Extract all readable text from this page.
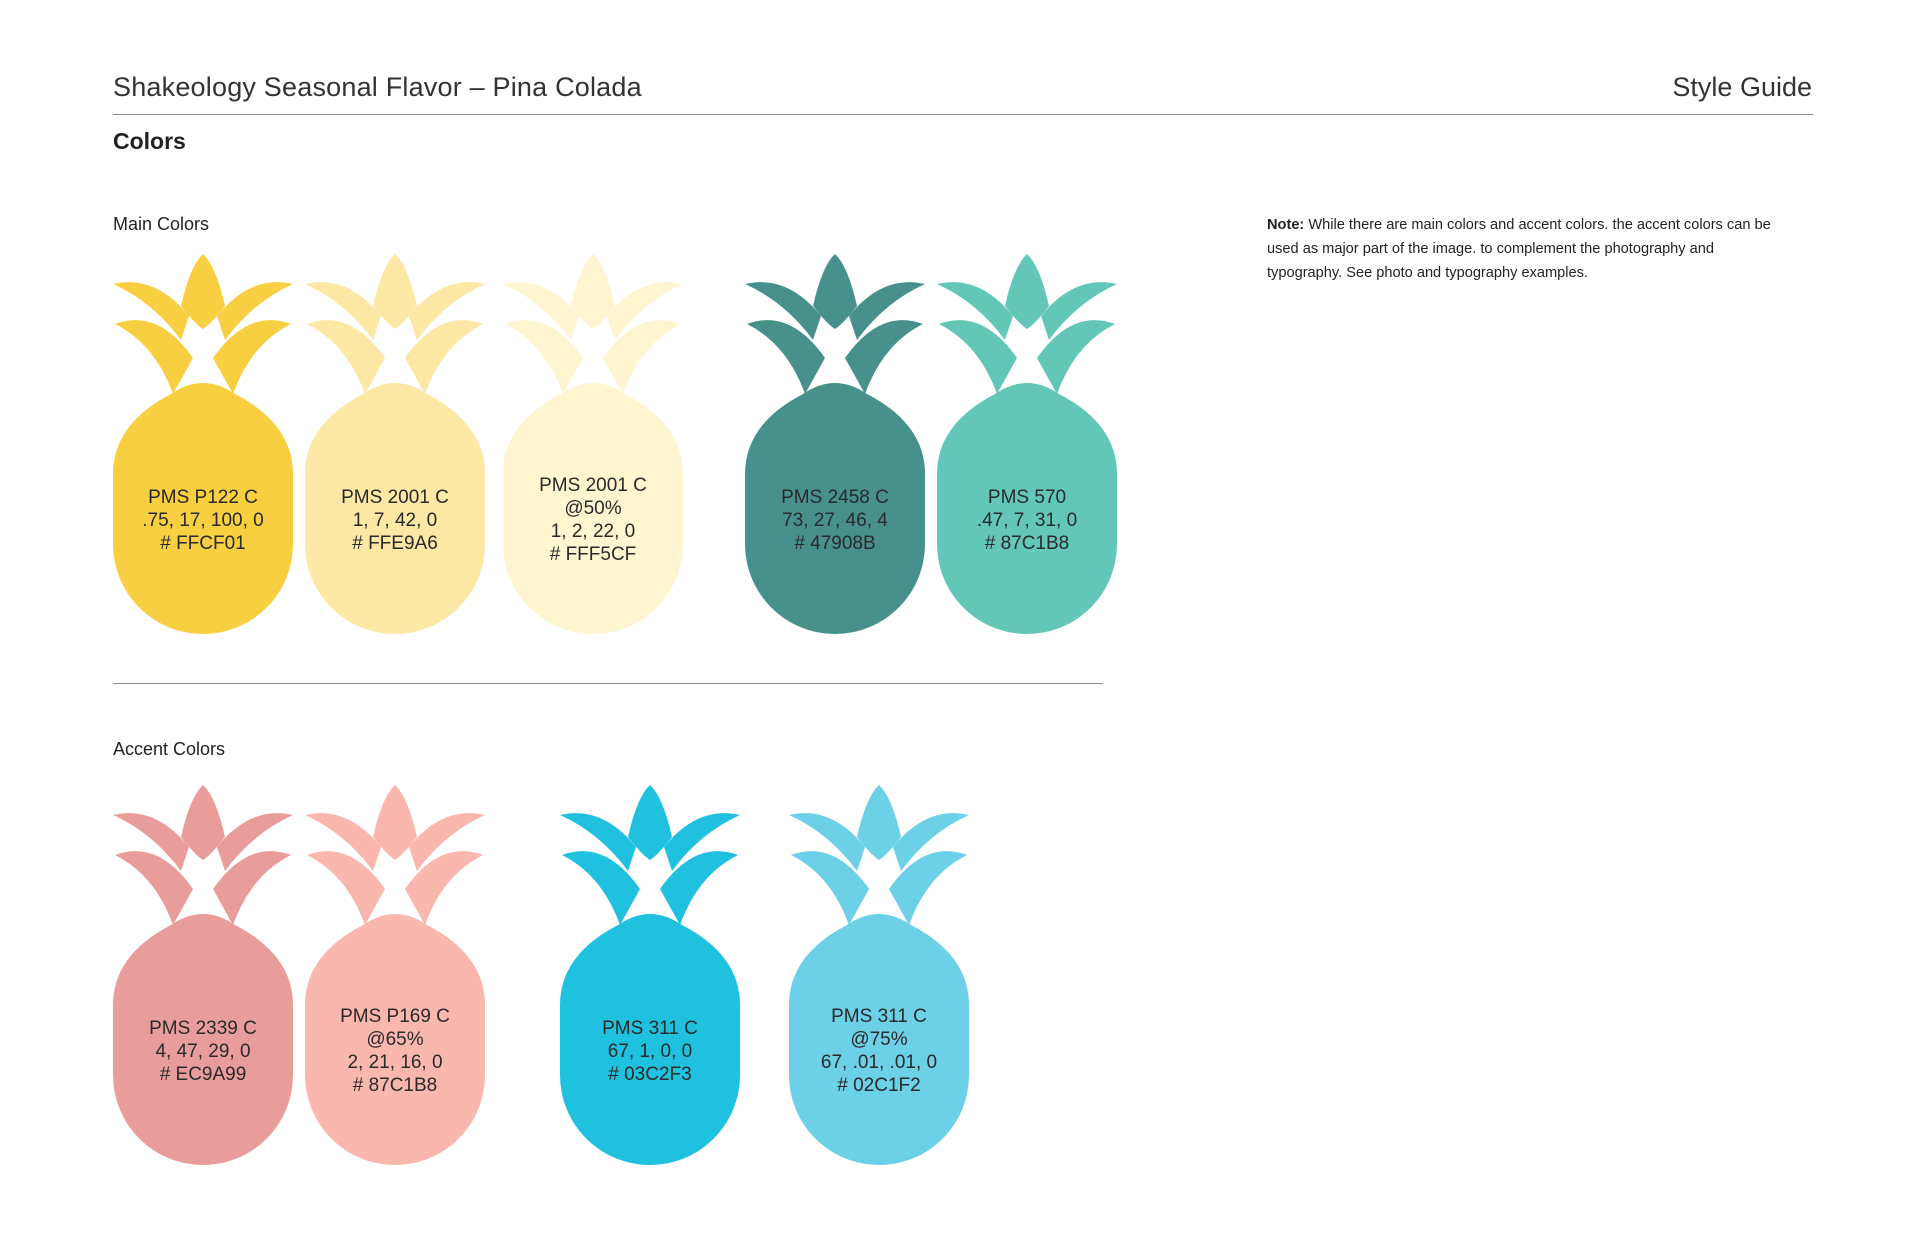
Shakeology Seasonal Flavor – Pina Colada	Style Guide
Colors
Main Colors	Note: While there are main colors and accent colors. the accent colors can be used as major part of the image. to complement the photography and typography. See photo and typography examples.
PMS P122 C
.75, 17, 100, 0
# FFCF01
PMS 2001 C
1, 7, 42, 0
# FFE9A6
PMS 2001 C
@50%
1, 2, 22, 0
# FFF5CF
PMS 2458 C
73, 27, 46, 4
# 47908B
PMS 570
.47, 7, 31, 0
# 87C1B8
Accent Colors
PMS 2339 C
4, 47, 29, 0
# EC9A99
PMS P169 C
@65%
2, 21, 16, 0
# 87C1B8
PMS 311 C
67, 1, 0, 0
# 03C2F3
PMS 311 C
@75%
67, .01, .01, 0
# 02C1F2
